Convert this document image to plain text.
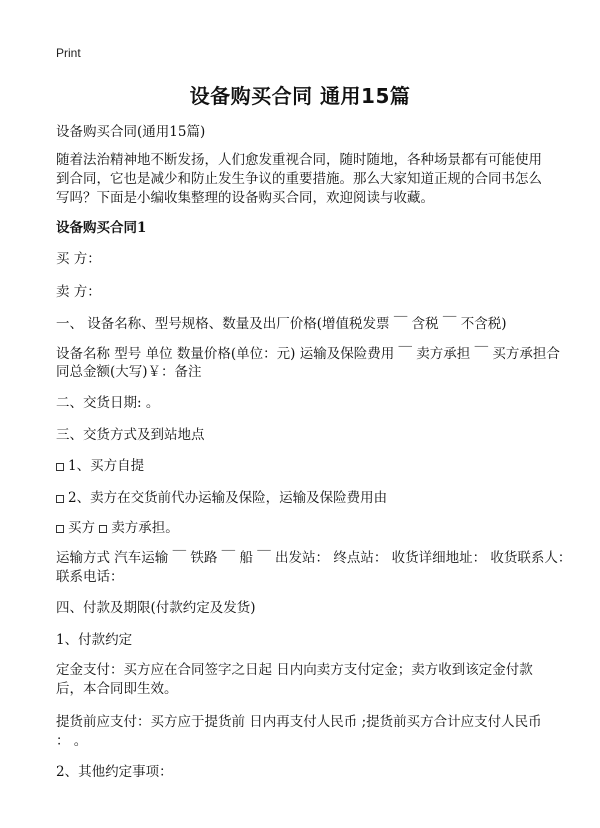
Print
设备购买合同 通用15篇
设备购买合同(通用15篇)
随着法治精神地不断发扬，人们愈发重视合同，随时随地，各种场景都有可能使用
到合同，它也是减少和防止发生争议的重要措施。那么大家知道正规的合同书怎么
写吗？下面是小编收集整理的设备购买合同，欢迎阅读与收藏。
设备购买合同1
买 方：
卖 方：
一、 设备名称、型号规格、数量及出厂价格(增值税发票 ￣ 含税 ￣ 不含税)
设备名称 型号 单位 数量价格(单位：元) 运输及保险费用 ￣ 卖方承担 ￣ 买方承担合
同总金额(大写)￥：备注
二、交货日期: 。
三、交货方式及到站地点
1、买方自提
2、卖方在交货前代办运输及保险，运输及保险费用由
买方 卖方承担。
运输方式 汽车运输 ￣ 铁路 ￣ 船 ￣ 出发站： 终点站： 收货详细地址： 收货联系人：
联系电话：
四、付款及期限(付款约定及发货)
1、付款约定
定金支付：买方应在合同签字之日起 日内向卖方支付定金；卖方收到该定金付款
后，本合同即生效。
提货前应支付：买方应于提货前 日内再支付人民币 ;提货前买方合计应支付人民币
： 。
2、其他约定事项：
